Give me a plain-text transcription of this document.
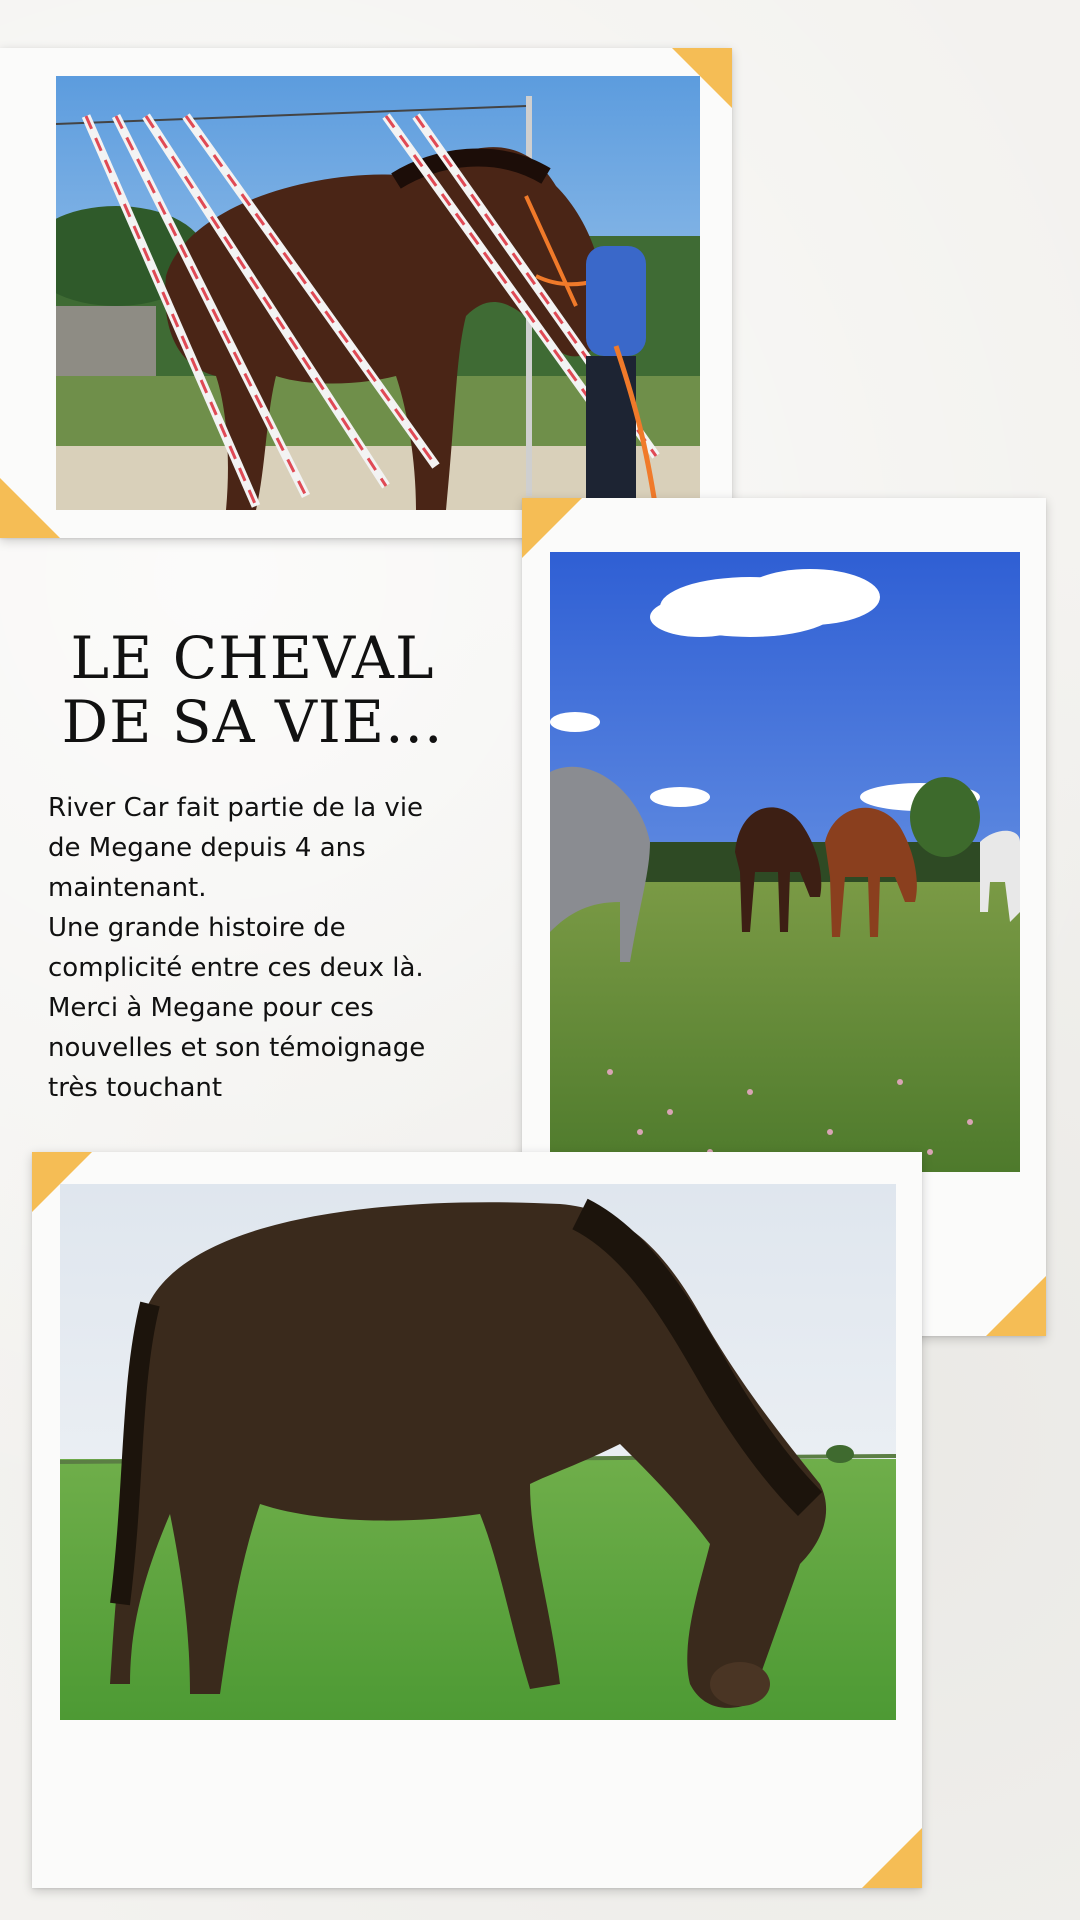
LE CHEVAL
DE SA VIE...
River Car fait partie de la vie
de Megane depuis 4 ans
maintenant.
Une grande histoire de
complicité entre ces deux là.
Merci à Megane pour ces
nouvelles et son témoignage
très touchant
